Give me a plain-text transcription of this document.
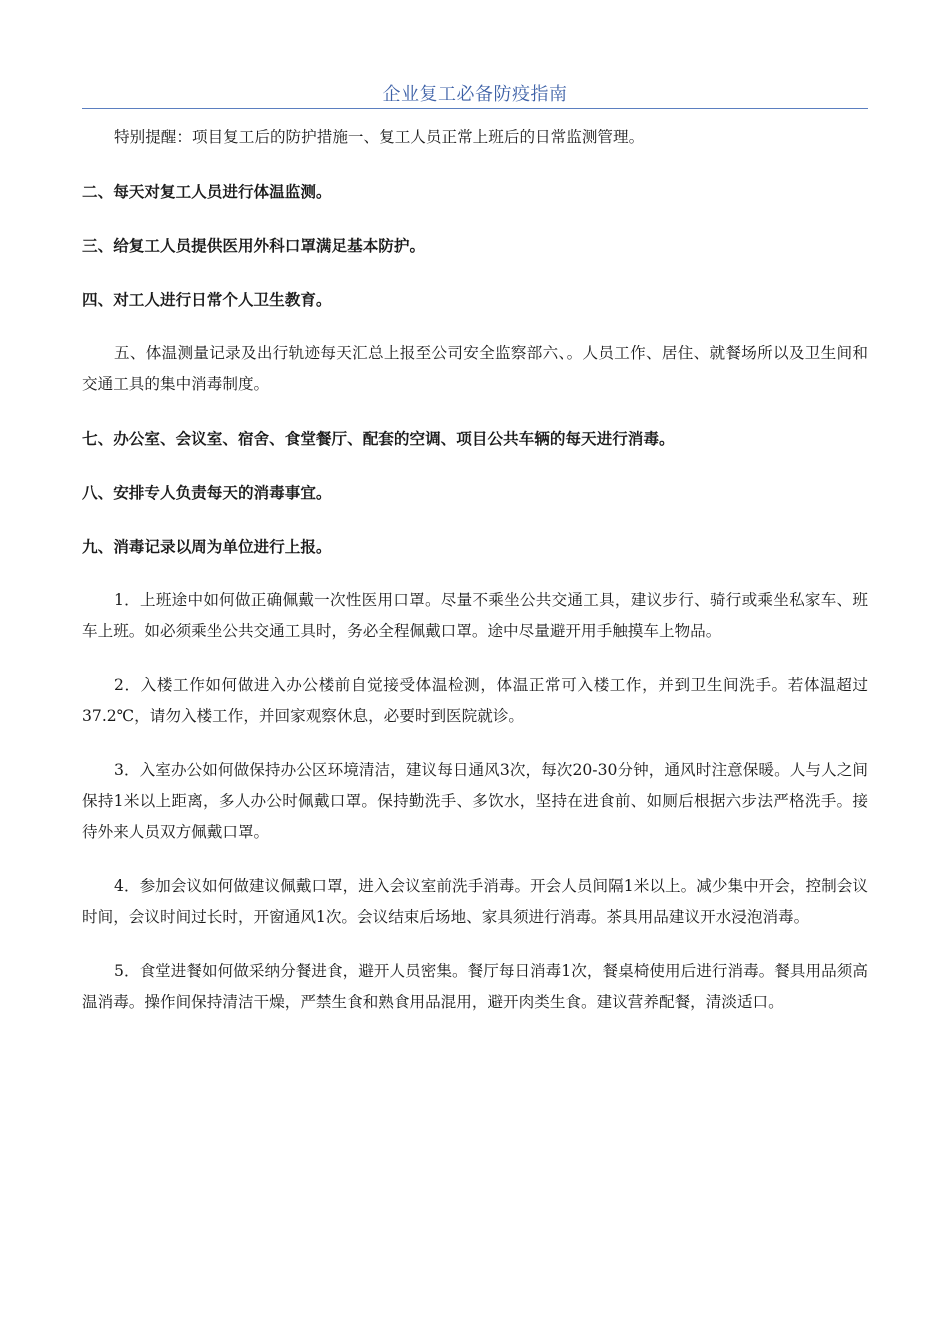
企业复工必备防疫指南

特别提醒：项目复工后的防护措施一、复工人员正常上班后的日常监测管理。

二、每天对复工人员进行体温监测。

三、给复工人员提供医用外科口罩满足基本防护。

四、对工人进行日常个人卫生教育。

五、体温测量记录及出行轨迹每天汇总上报至公司安全监察部六、。人员工作、居住、就餐场所以及卫生间和交通工具的集中消毒制度。

七、办公室、会议室、宿舍、食堂餐厅、配套的空调、项目公共车辆的每天进行消毒。

八、安排专人负责每天的消毒事宜。

九、消毒记录以周为单位进行上报。

1．上班途中如何做正确佩戴一次性医用口罩。尽量不乘坐公共交通工具，建议步行、骑行或乘坐私家车、班车上班。如必须乘坐公共交通工具时，务必全程佩戴口罩。途中尽量避开用手触摸车上物品。

2．入楼工作如何做进入办公楼前自觉接受体温检测，体温正常可入楼工作，并到卫生间洗手。若体温超过37.2℃，请勿入楼工作，并回家观察休息，必要时到医院就诊。

3．入室办公如何做保持办公区环境清洁，建议每日通风3次，每次20-30分钟，通风时注意保暖。人与人之间保持1米以上距离，多人办公时佩戴口罩。保持勤洗手、多饮水，坚持在进食前、如厕后根据六步法严格洗手。接待外来人员双方佩戴口罩。

4．参加会议如何做建议佩戴口罩，进入会议室前洗手消毒。开会人员间隔1米以上。减少集中开会，控制会议时间，会议时间过长时，开窗通风1次。会议结束后场地、家具须进行消毒。茶具用品建议开水浸泡消毒。

5．食堂进餐如何做采纳分餐进食，避开人员密集。餐厅每日消毒1次，餐桌椅使用后进行消毒。餐具用品须高温消毒。操作间保持清洁干燥，严禁生食和熟食用品混用，避开肉类生食。建议营养配餐，清淡适口。
